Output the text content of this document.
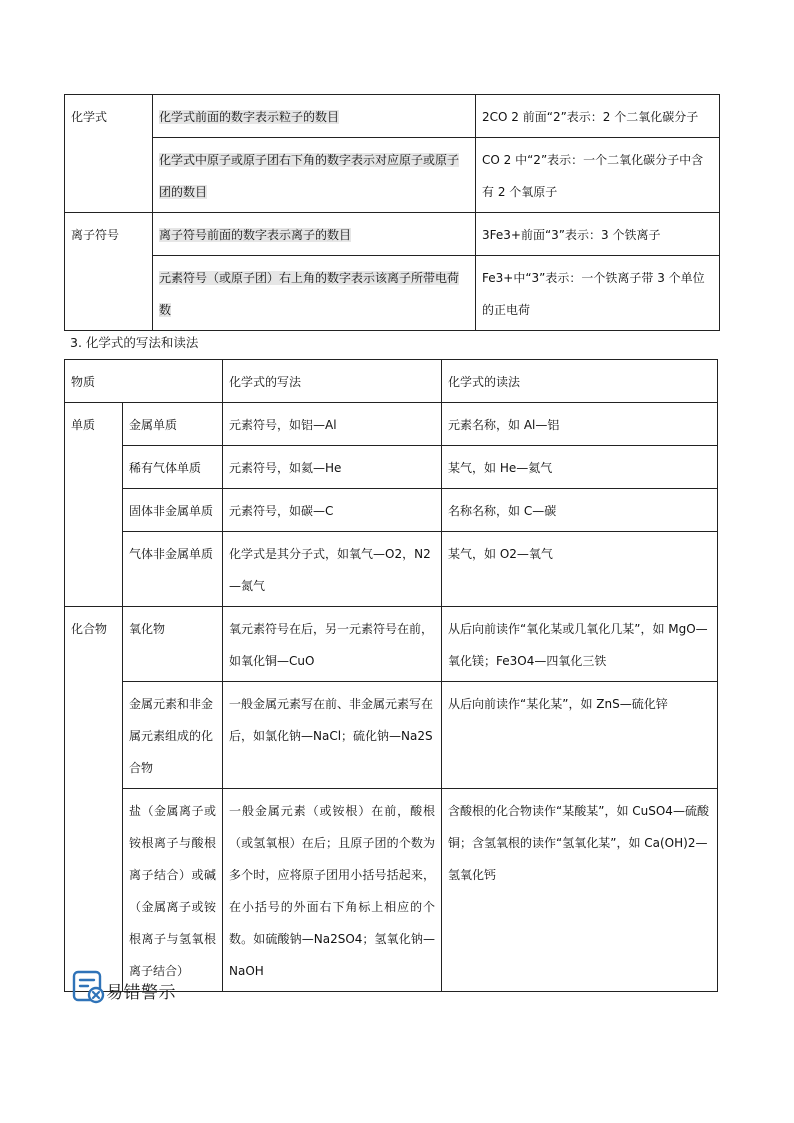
化学式	化学式前面的数字表示粒子的数目	2CO 2 前面“2”表示：2 个二氧化碳分子
	化学式中原子或原子团右下角的数字表示对应原子或原子团的数目	CO 2 中“2”表示：一个二氧化碳分子中含有 2 个氧原子
离子符号	离子符号前面的数字表示离子的数目	3Fe3+前面“3”表示：3 个铁离子
	元素符号（或原子团）右上角的数字表示该离子所带电荷数	Fe3+中“3”表示：一个铁离子带 3 个单位的正电荷
3. 化学式的写法和读法
物质		化学式的写法	化学式的读法
单质	金属单质	元素符号，如铝—Al	元素名称，如 Al—铝
	稀有气体单质	元素符号，如氦—He	某气，如 He—氦气
	固体非金属单质	元素符号，如碳—C	名称名称，如 C—碳
	气体非金属单质	化学式是其分子式，如氧气—O2，N2—氮气	某气，如 O2—氧气
化合物	氧化物	氧元素符号在后，另一元素符号在前，如氧化铜—CuO	从后向前读作“氧化某或几氧化几某”，如 MgO—氧化镁；Fe3O4—四氧化三铁
	金属元素和非金属元素组成的化合物	一般金属元素写在前、非金属元素写在后，如氯化钠—NaCl；硫化钠—Na2S	从后向前读作“某化某”，如 ZnS—硫化锌
	盐（金属离子或铵根离子与酸根离子结合）或碱（金属离子或铵根离子与氢氧根离子结合）	一般金属元素（或铵根）在前，酸根（或氢氧根）在后；且原子团的个数为多个时，应将原子团用小括号括起来，在小括号的外面右下角标上相应的个数。如硫酸钠—Na2SO4；氢氧化钠—NaOH	含酸根的化合物读作“某酸某”，如 CuSO4—硫酸铜；含氢氧根的读作“氢氧化某”，如 Ca(OH)2—氢氧化钙
易错警示
